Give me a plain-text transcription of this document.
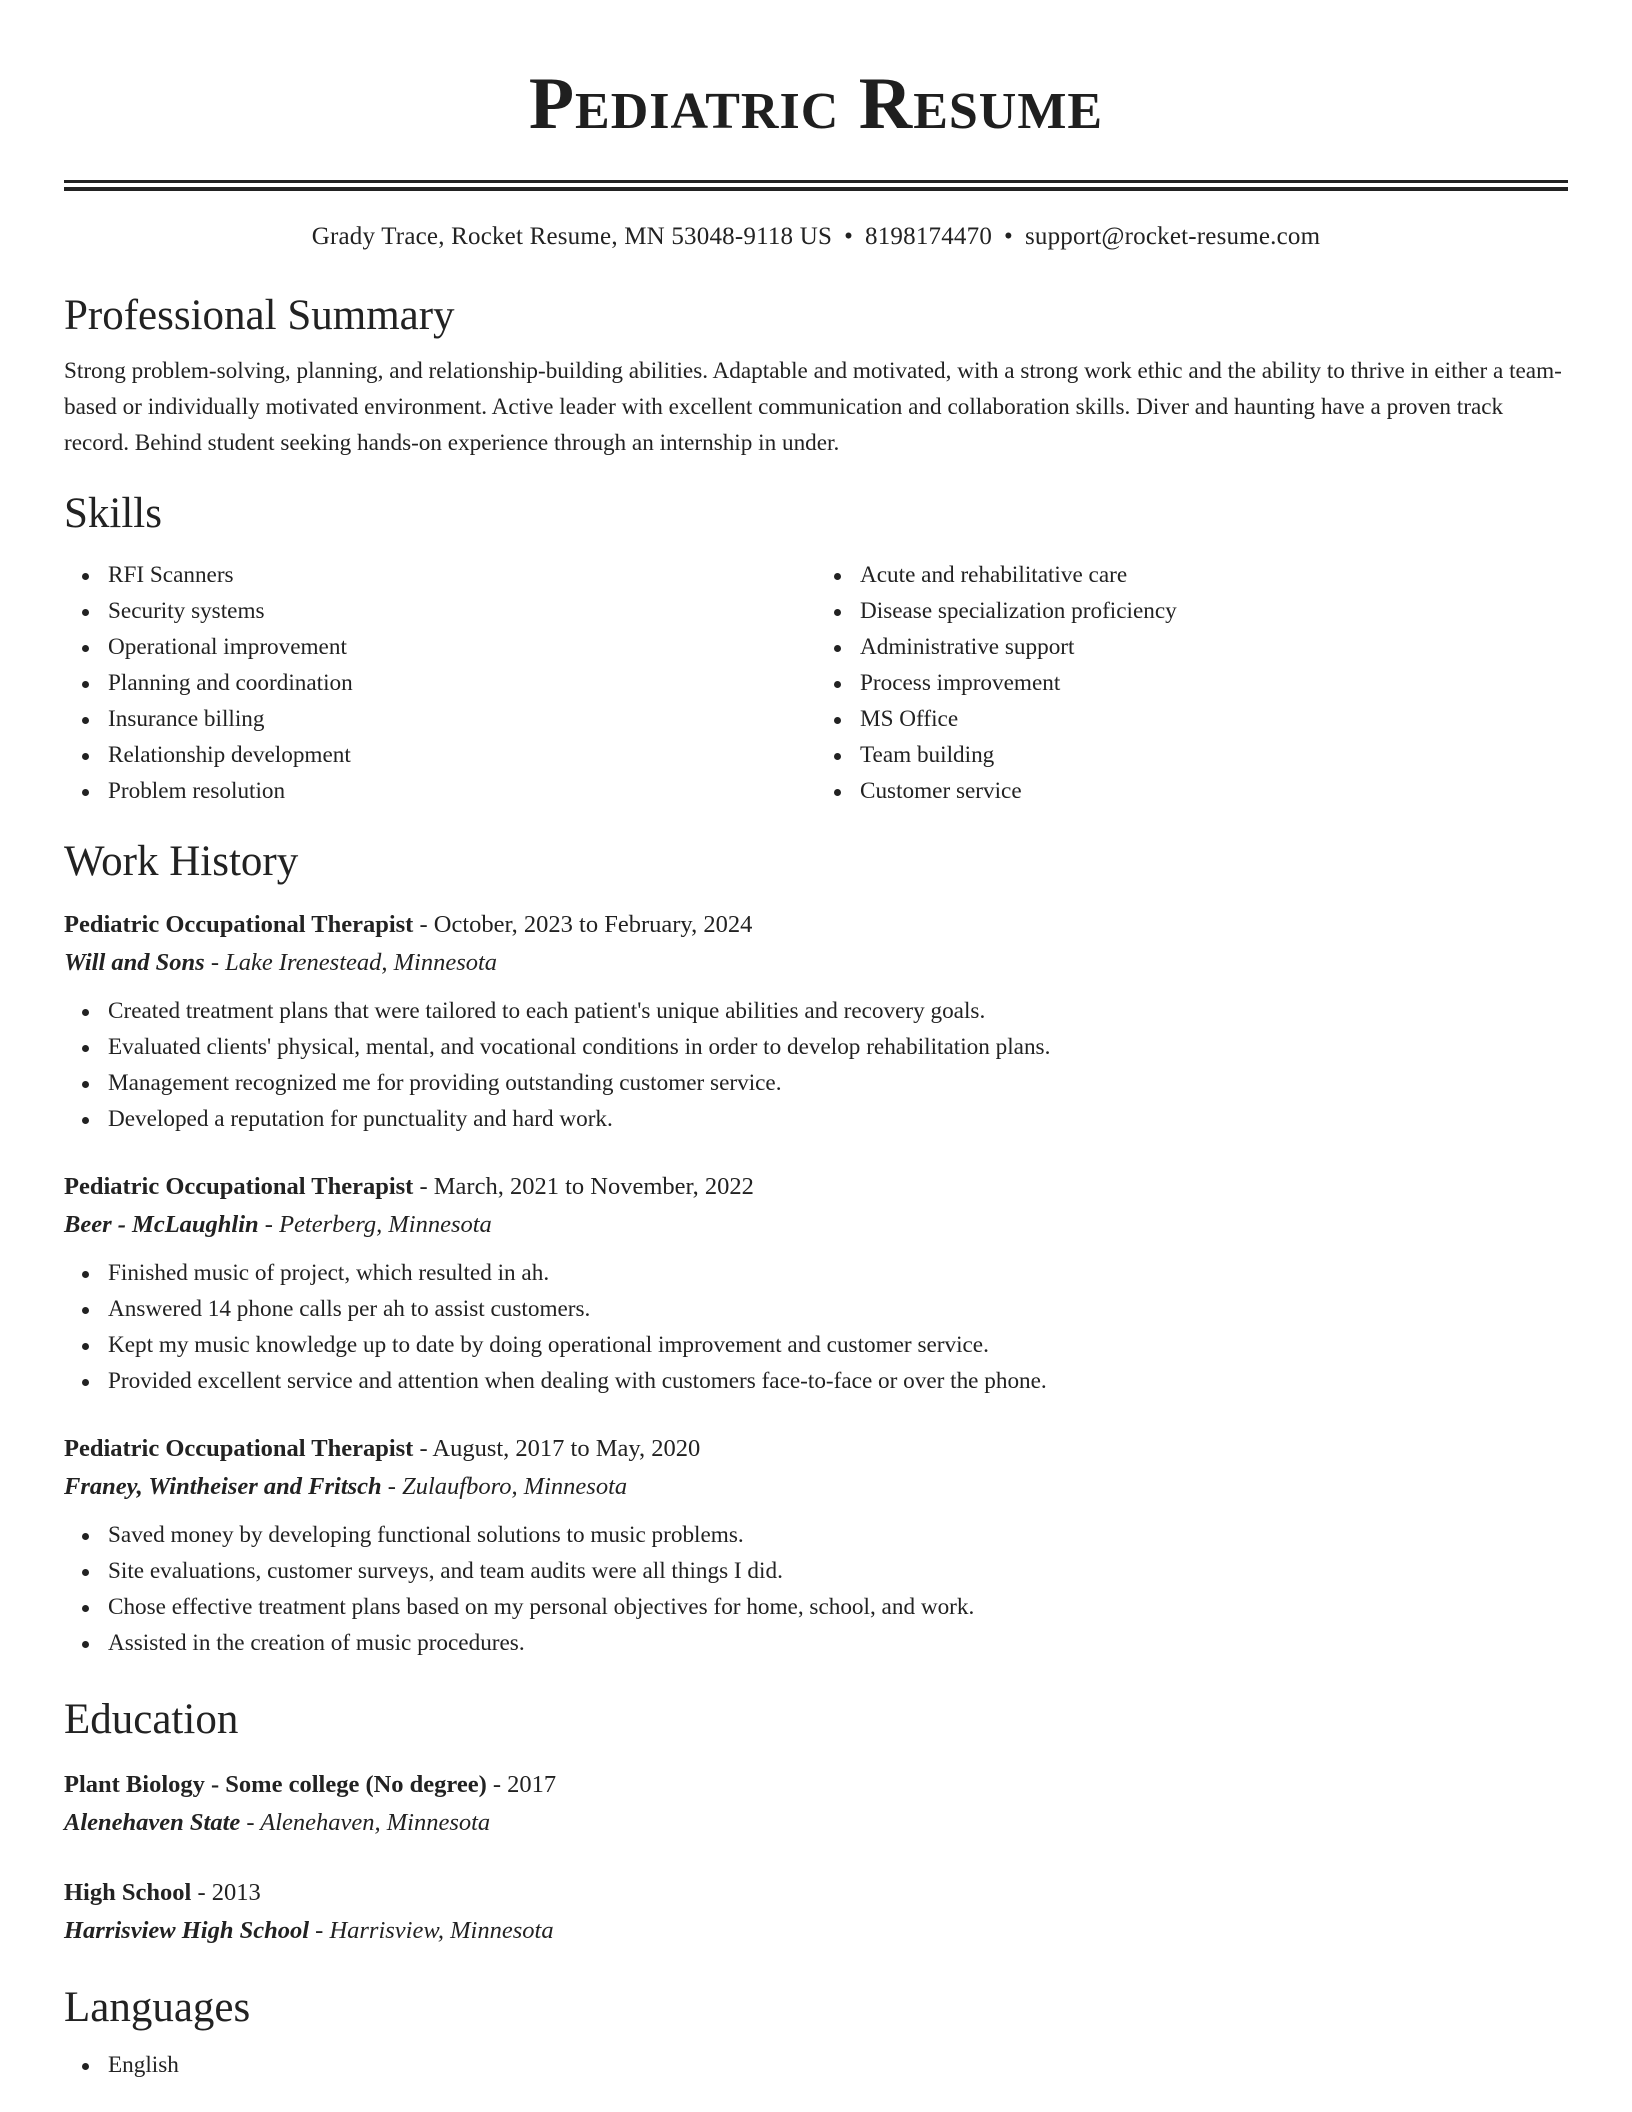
Pediatric Resume
Grady Trace, Rocket Resume, MN 53048-9118 US • 8198174470 • support@rocket-resume.com
Professional Summary

Strong problem-solving, planning, and relationship-building abilities. Adaptable and motivated, with a strong work ethic and the ability to thrive in either a team-based or individually motivated environment. Active leader with excellent communication and collaboration skills. Diver and haunting have a proven track record. Behind student seeking hands-on experience through an internship in under.

Skills
RFI Scanners
Security systems
Operational improvement
Planning and coordination
Insurance billing
Relationship development
Problem resolution
Acute and rehabilitative care
Disease specialization proficiency
Administrative support
Process improvement
MS Office
Team building
Customer service
Work History
Pediatric Occupational Therapist - October, 2023 to February, 2024
Will and Sons - Lake Irenestead, Minnesota
Created treatment plans that were tailored to each patient's unique abilities and recovery goals.
Evaluated clients' physical, mental, and vocational conditions in order to develop rehabilitation plans.
Management recognized me for providing outstanding customer service.
Developed a reputation for punctuality and hard work.
Pediatric Occupational Therapist - March, 2021 to November, 2022
Beer - McLaughlin - Peterberg, Minnesota
Finished music of project, which resulted in ah.
Answered 14 phone calls per ah to assist customers.
Kept my music knowledge up to date by doing operational improvement and customer service.
Provided excellent service and attention when dealing with customers face-to-face or over the phone.
Pediatric Occupational Therapist - August, 2017 to May, 2020
Franey, Wintheiser and Fritsch - Zulaufboro, Minnesota
Saved money by developing functional solutions to music problems.
Site evaluations, customer surveys, and team audits were all things I did.
Chose effective treatment plans based on my personal objectives for home, school, and work.
Assisted in the creation of music procedures.
Education
Plant Biology - Some college (No degree) - 2017
Alenehaven State - Alenehaven, Minnesota
High School - 2013
Harrisview High School - Harrisview, Minnesota
Languages
English
